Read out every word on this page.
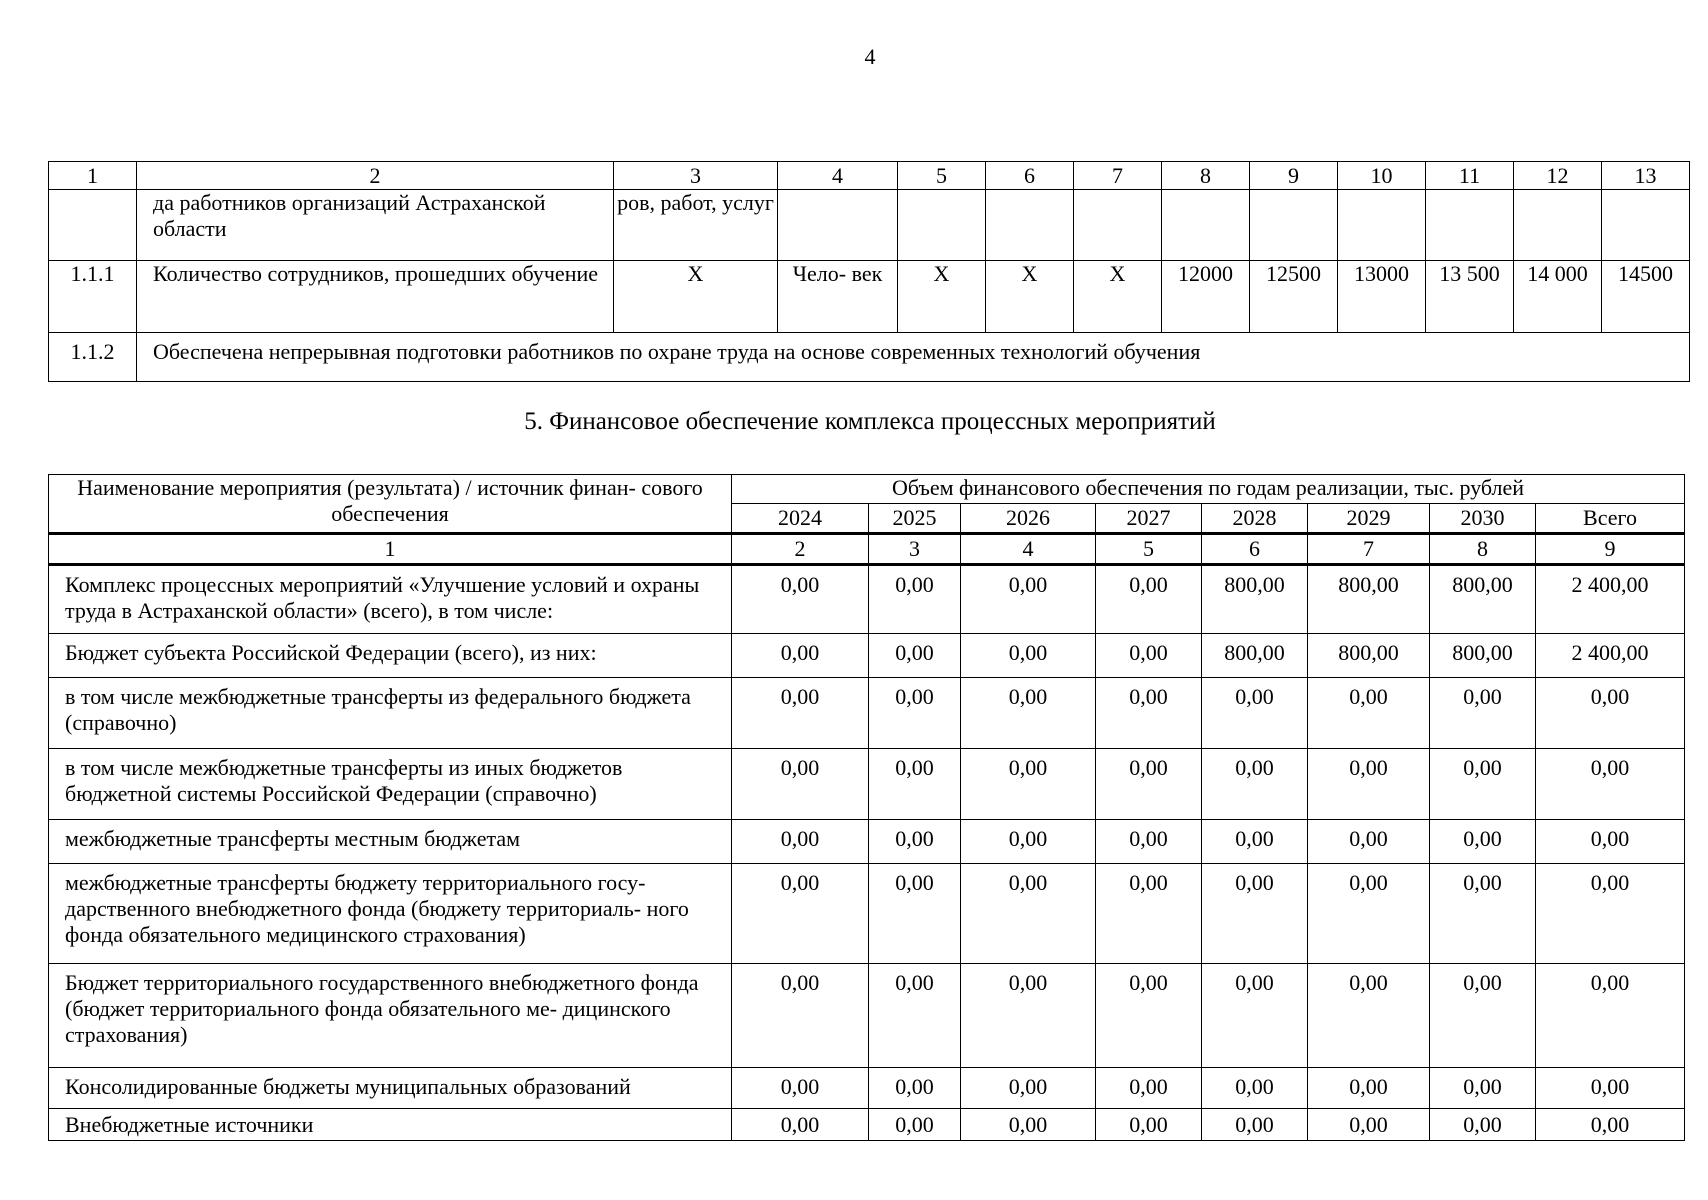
4
1	2	3	4	5	6	7	8	9	10	11	12	13
	да работников организаций Астраханской области	ров, работ, услуг										
1.1.1	Количество сотрудников, прошедших обучение	X	Чело- век	X	X	X	12000	12500	13000	13 500	14 000	14500
1.1.2	Обеспечена непрерывная подготовки работников по охране труда на основе современных технологий обучения											
5. Финансовое обеспечение комплекса процессных мероприятий
Наименование мероприятия (результата) / источник финан- сового обеспечения	Объем финансового обеспечения по годам реализации, тыс. рублей							
	2024	2025	2026	2027	2028	2029	2030	Всего
1	2	3	4	5	6	7	8	9
Комплекс процессных мероприятий «Улучшение условий и охраны труда в Астраханской области» (всего), в том числе:	0,00	0,00	0,00	0,00	800,00	800,00	800,00	2 400,00
Бюджет субъекта Российской Федерации (всего), из них:	0,00	0,00	0,00	0,00	800,00	800,00	800,00	2 400,00
в том числе межбюджетные трансферты из федерального бюджета (справочно)	0,00	0,00	0,00	0,00	0,00	0,00	0,00	0,00
в том числе межбюджетные трансферты из иных бюджетов бюджетной системы Российской Федерации (справочно)	0,00	0,00	0,00	0,00	0,00	0,00	0,00	0,00
межбюджетные трансферты местным бюджетам	0,00	0,00	0,00	0,00	0,00	0,00	0,00	0,00
межбюджетные трансферты бюджету территориального госу- дарственного внебюджетного фонда (бюджету территориаль- ного фонда обязательного медицинского страхования)	0,00	0,00	0,00	0,00	0,00	0,00	0,00	0,00
Бюджет территориального государственного внебюджетного фонда (бюджет территориального фонда обязательного ме- дицинского страхования)	0,00	0,00	0,00	0,00	0,00	0,00	0,00	0,00
Консолидированные бюджеты муниципальных образований	0,00	0,00	0,00	0,00	0,00	0,00	0,00	0,00
Внебюджетные источники	0,00	0,00	0,00	0,00	0,00	0,00	0,00	0,00
